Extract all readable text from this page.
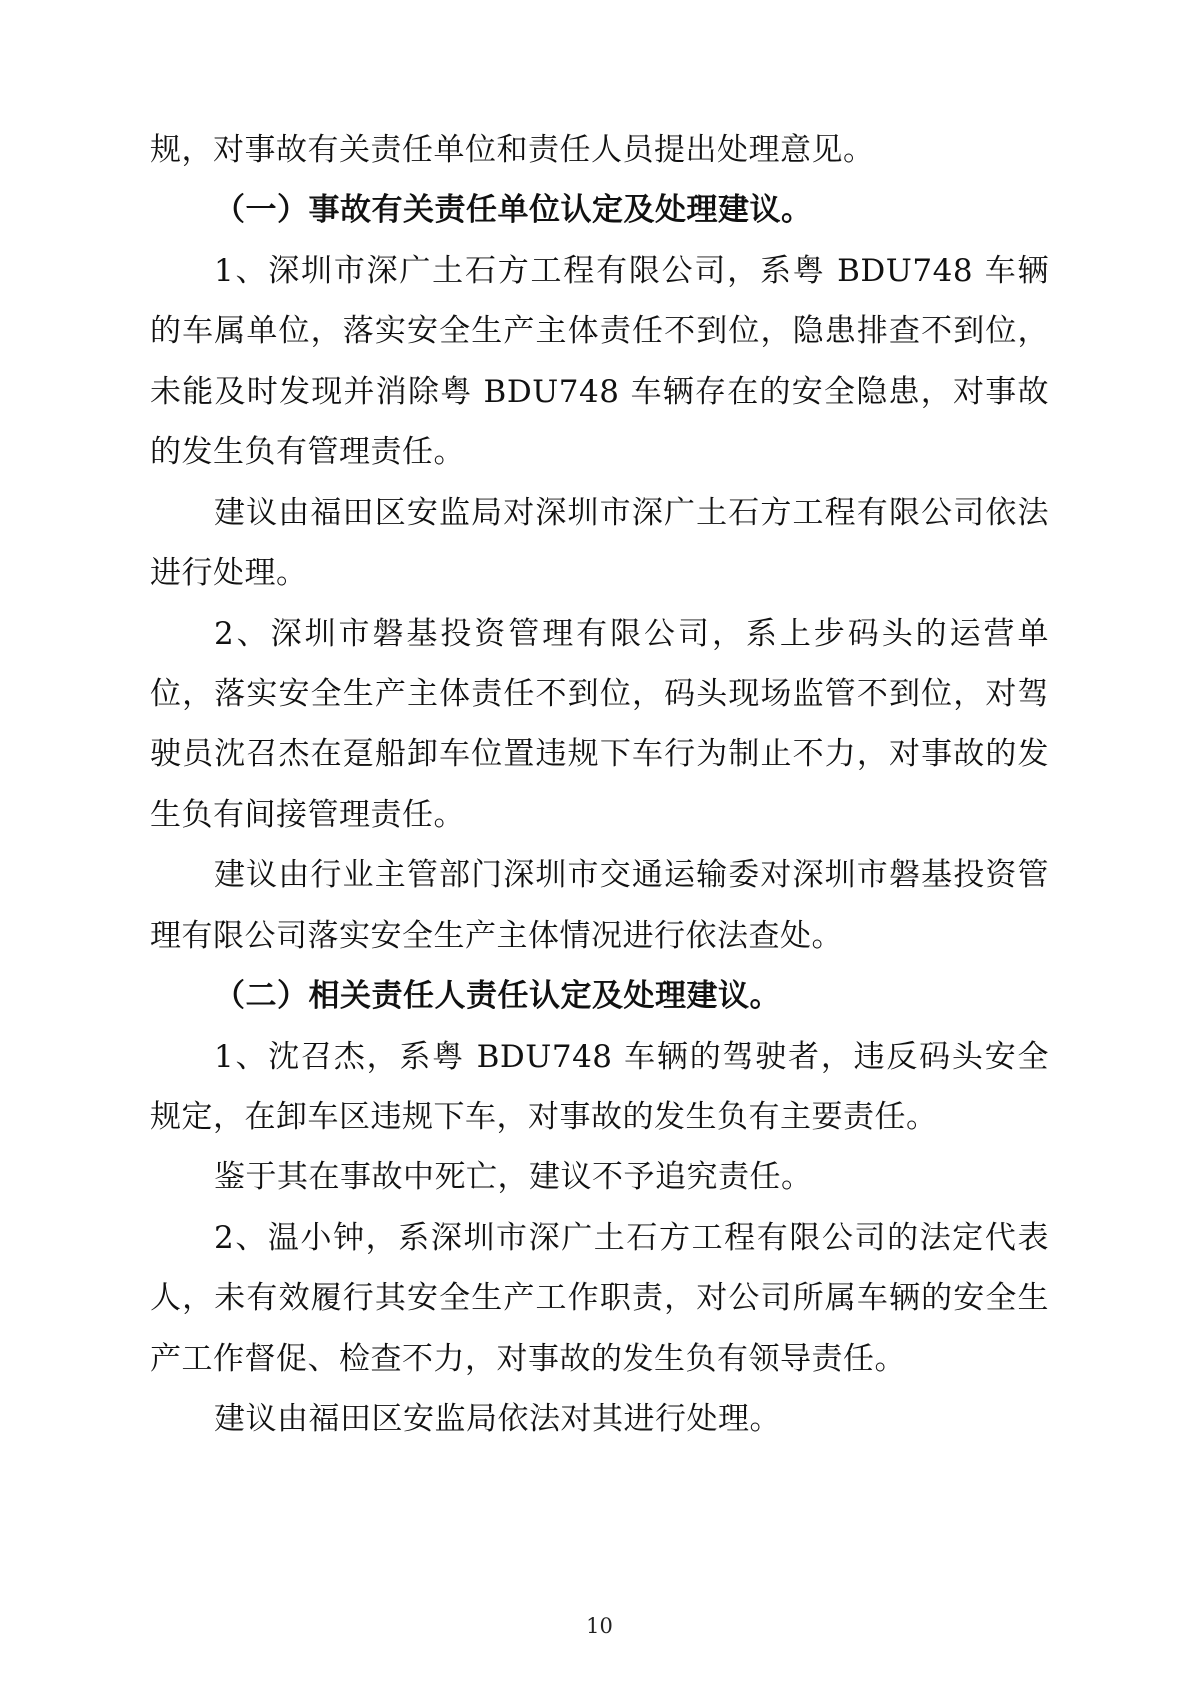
规，对事故有关责任单位和责任人员提出处理意见。

（一）事故有关责任单位认定及处理建议。

1、深圳市深广土石方工程有限公司，系粤 BDU748 车辆的车属单位，落实安全生产主体责任不到位，隐患排查不到位，未能及时发现并消除粤 BDU748 车辆存在的安全隐患，对事故的发生负有管理责任。

建议由福田区安监局对深圳市深广土石方工程有限公司依法进行处理。

2、深圳市磐基投资管理有限公司，系上步码头的运营单位，落实安全生产主体责任不到位，码头现场监管不到位，对驾驶员沈召杰在趸船卸车位置违规下车行为制止不力，对事故的发生负有间接管理责任。

建议由行业主管部门深圳市交通运输委对深圳市磐基投资管理有限公司落实安全生产主体情况进行依法查处。

（二）相关责任人责任认定及处理建议。

1、沈召杰，系粤 BDU748 车辆的驾驶者，违反码头安全规定，在卸车区违规下车，对事故的发生负有主要责任。

鉴于其在事故中死亡，建议不予追究责任。

2、温小钟，系深圳市深广土石方工程有限公司的法定代表人，未有效履行其安全生产工作职责，对公司所属车辆的安全生产工作督促、检查不力，对事故的发生负有领导责任。

建议由福田区安监局依法对其进行处理。

10
